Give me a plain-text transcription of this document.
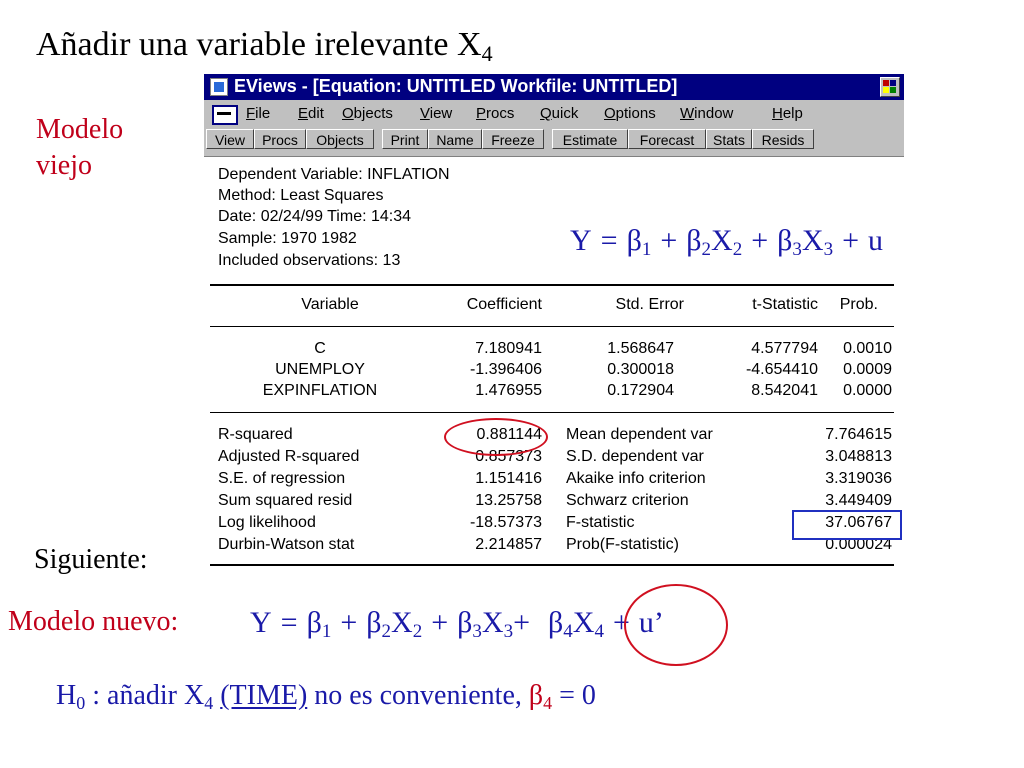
Añadir una variable irelevante $X_4$
Modelo
viejo
EViews - [Equation: UNTITLED Workfile: UNTITLED]
File Edit Objects View Procs Quick Options Window	Help
View	Procs	Objects	Print	Name	Freeze	Estimate	Forecast	Stats	Resids
Dependent Variable: INFLATION
Method: Least Squares
Date: 02/24/99 Time: 14:34
Sample: 1970 1982
Included observations: 13
Variable	Coefficient	Std. Error	t-Statistic	Prob.
C	7.180941	1.568647	4.577794	0.0010
UNEMPLOY	-1.396406	0.300018	-4.654410	0.0009
EXPINFLATION	1.476955	0.172904	8.542041	0.0000
R-squared	0.881144 Mean dependent var	7.764615
Adjusted R-squared	0.857373 S.D. dependent var	3.048813
S.E. of regression	1.151416 Akaike info criterion	3.319036
Sum squared resid	13.25758 Schwarz criterion	3.449409
Log likelihood	-18.57373 F-statistic	37.06767
Durbin-Watson stat	2.214857 Prob(F-statistic)	0.000024
$Y = \beta_1 + \beta_2X_2 + \beta_3X_3 + u$
Siguiente:
Modelo nuevo: $Y = \beta_1 + \beta_2X_2 + \beta_3X_3+ \beta_4X_4 + u$’
$H_0$ : añadir $X_4$ (TIME) no es conveniente, $\beta_4 = 0$
